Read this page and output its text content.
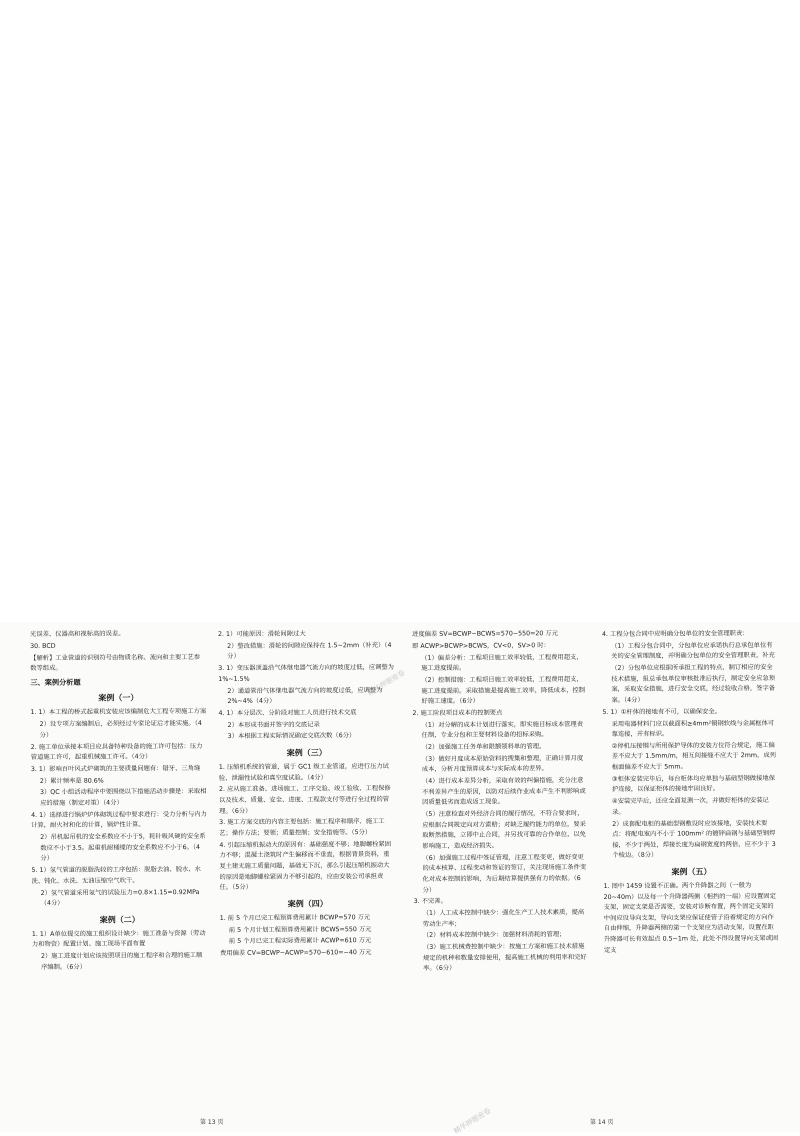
光误差、仪器高和视标高的误差。

30. BCD

【解析】工业管道的识别符号由物质名称、流向和主要工艺参数等组成。

三、案例分析题

案例（一）

1. 1）本工程的桥式起重机安装应该编制危大工程专项施工方案

2）设专项方案编制后，必须经过专家论证后才能实施。（4分）

2. 施工单位承接本项目应具备特种设备的施工许可包括：压力管道施工许可，起重机械施工许可。（4分）

3. 1）影响百叶风式炉砌筑的主要质量问题有：错牙、三角缝

2）累计频率是 80.6%

3）QC 小组活动程序中要围绕以下措施活动步骤是：采取相应的措施（制定对策）（4分）

4. 1）选择进行锅炉炉体砌筑过程中要求进行：受力分析与内力计算，耐火衬和化的计算，锅炉性计算。

2）吊机起吊机的安全系数应不小于5，耗针吸风硬的安全系数应不小于3.5。起重机耐桶缆的安全系数应不小于6。（4分）

5. 1）氢气管道的脱脂洗较的工序包括：脱脂去油、脱水、水洗、钝化、水洗、无油压缩空气吹干。

2）氢气管道采用氢气的试验压力=0.8×1.15=0.92MPa（4分）

案例（二）

1. 1）A单位提交的施工组织设计缺少：施工准备与资源（劳动力和物资）配置计划、施工现场平面布置

2）施工进度计划应该按照项目的施工程序和合理的施工顺序编制。（6分）

2. 1）可能原因：滑轮间隙过大

2）整改措施：滑轮的间隙应保持在 1.5~2mm（补充）（4分）

3. 1）变压器顶盖沿气体继电器气流方向的坡度过低，应调整为 1%~1.5%

2）通道管沿气体继电器气流方向的坡度过低，应调整为 2%~4%（4分）

4. 1）本分层次、分阶段对施工人员进行技术交底

2）本形成书面并签字的交底记录

3）本根据工程实际情况确定交底次数（6分）

案例（三）

1. 压缩机系统的管道，属于 GC1 级工业管道，应进行压力试验、泄漏性试验和真空度试验。（4分）

2. 应从施工准备、进场施工、工序交验、竣工验收、工程保修以及技术、质量、安全、进度、工程款支付等进行全过程的管理。（6分）

3. 施工方案交底的内容主要包括：施工程序和顺序、施工工艺；操作方法；要领；质量控制；安全措施等。（5分）

4. 引起压缩机振动大的原因有：基础强度不够；地脚螺栓紧固力不够；混凝土浇筑时产生偏移而不垂直，根据背景资料，重复土建无施工质量问题，基础无下沉，那么引起压缩机振动大的原因是地脚螺栓紧固力不够引起的，应由安装公司承担责任。（5分）

案例（四）

1. 前 5 个月已完工程预算费用累计 BCWP=570 万元

前 5 个月计划工程预算费用累计 BCWS=550 万元

前 5 个月已完工程实际费用累计 ACWP=610 万元

费用偏差 CV=BCWP−ACWP=570−610=−40 万元

第 13 页

进度偏差 SV=BCWP−BCWS=570−550=20 万元

即 ACWP>BCWP>BCWS，CV<0，SV>0 时：

（1）偏差分析：工程项目施工效率较低，工程费用超支，施工进度提前。

（2）控制措施：工程项目施工效率较低，工程费用超支，施工进度提前。采取措施是提高施工效率，降低成本，控制好施工速度。（6分）

2. 施工阶段项目成本的控制要点

（1）对分解的成本计划进行落实，即实施目标成本管理责任制，专业分包和主要材料设备的招标采购。

（2）加强施工任务单和限额领料单的管理。

（3）做好月度成本原始资料的搜集和整理，正确计算月度成本，分析月度预算成本与实际成本的差异。

（4）进行成本差异分析，采取有效的纠偏措施，充分注意不利差异产生的原因，以防对后续作业成本产生不利影响或因质量低劣而造成返工现象。

（5）注意检查对外经济合同的履行情况，不符合要求时，应根据合同规定向对方索赔；对缺乏履约能力的单位，要采取断然措施，立即中止合同，并另找可靠的合作单位，以免影响施工，造成经济损失。

（6）加强施工过程中签证管理，注意工程变更，做好变更的成本核算、过程变动和签证的签订，关注现场施工条件变化对成本控制的影响，为后期结算提供强有力的依据。（6分）

3. 不完善。

（1）人工成本控制中缺少：强化生产工人技术素质，提高劳动生产率；

（2）材料成本控制中缺少：加强材料消耗的管理；

（3）施工机械费控制中缺少：按施工方案和施工技术措施规定的机种和数量安排使用，提高施工机械的利用率和完好率。（6分）

4. 工程分包合同中应明确分包单位的安全管理职责：

（1）工程分包合同中，分包单位应承诺执行总承包单位有关的安全管理制度，并明确分包单位的安全管理职责，补充

（2）分包单位应根据所承担工程的特点，制订相应的安全技术措施，报总承包单位审核批准后执行，制定安全应急预案，采取安全措施，进行安全交底，经过验收合格，签字备案。（4分）

5. 1）①杆体的接地有不可，以确保安全。

采用电器材料门应以截面积≥4mm²铜钢软线与金属框体可靠连接，并有标识。

②停机压接铜与所用保护导体的安装方位符合规定，施工偏差不应大于 1.5mm/m，相互间接缝不应大于 2mm，成列框面偏差不应大于 5mm。

③柜体安装完毕后，每台柜体均应单独与基础型钢做接地保护连接，以保证柜体的接地牢固良好。

④安装完毕后，还应全面复测一次，并做好柜体的安装记录。

2）成套配电柜的基础型钢敷设时应该接地，安装技术要点：将配电室内不小于 100mm² 的镀锌扁钢与基础型钢焊接，不少于两处，焊接长度为扁钢宽度的两倍，应不少于 3 个棱边。（8分）

案例（五）

1. 图中 1459 设置不正确。两个升降器之间（一般为 20~40m）以及每一个升降器两侧（相挡的一端）应设置固定支架，固定支架是否需要，安装对诊断布置，两个固定支架的中间应设导向支架，导向支架应保证使管子沿着规定的方向作自由伸缩，升降器两侧的第一个支架应为活动支架，设置在距升降器可长有效起点 0.5~1m 处，此处不得设置导向支架或固定支

第 14 页
精华押题密卷
精华押题密卷
